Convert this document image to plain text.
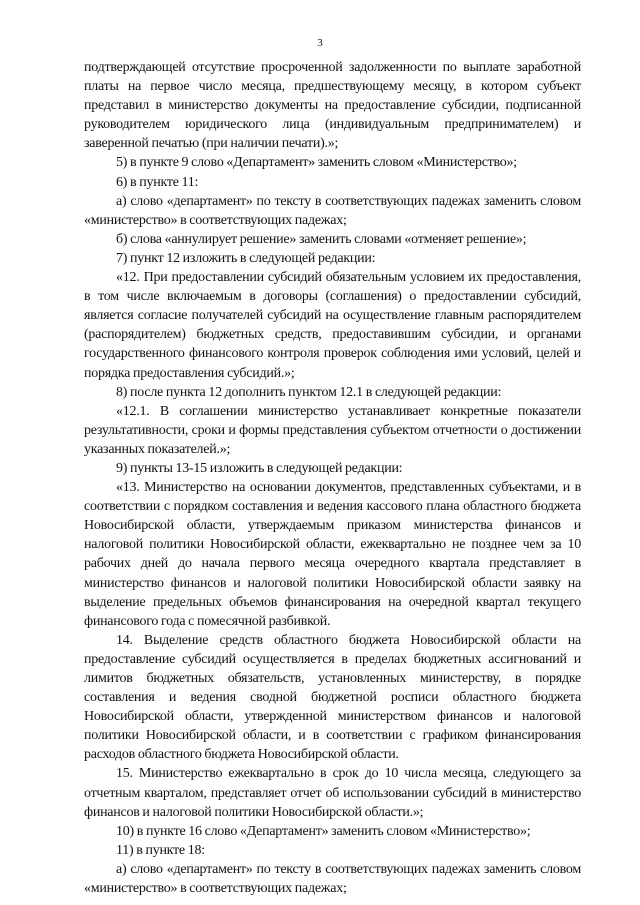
3

подтверждающей отсутствие просроченной задолженности по выплате заработной платы на первое число месяца, предшествующему месяцу, в котором субъект представил в министерство документы на предоставление субсидии, подписанной руководителем юридического лица (индивидуальным предпринимателем) и заверенной печатью (при наличии печати).»;

5) в пункте 9 слово «Департамент» заменить словом «Министерство»;

6) в пункте 11:

а) слово «департамент» по тексту в соответствующих падежах заменить словом «министерство» в соответствующих падежах;

б) слова «аннулирует решение» заменить словами «отменяет решение»;

7) пункт 12 изложить в следующей редакции:

«12. При предоставлении субсидий обязательным условием их предоставления, в том числе включаемым в договоры (соглашения) о предоставлении субсидий, является согласие получателей субсидий на осуществление главным распорядителем (распорядителем) бюджетных средств, предоставившим субсидии, и органами государственного финансового контроля проверок соблюдения ими условий, целей и порядка предоставления субсидий.»;

8) после пункта 12 дополнить пунктом 12.1 в следующей редакции:

«12.1. В соглашении министерство устанавливает конкретные показатели результативности, сроки и формы представления субъектом отчетности о достижении указанных показателей.»;

9) пункты 13-15 изложить в следующей редакции:

«13. Министерство на основании документов, представленных субъектами, и в соответствии с порядком составления и ведения кассового плана областного бюджета Новосибирской области, утверждаемым приказом министерства финансов и налоговой политики Новосибирской области, ежеквартально не позднее чем за 10 рабочих дней до начала первого месяца очередного квартала представляет в министерство финансов и налоговой политики Новосибирской области заявку на выделение предельных объемов финансирования на очередной квартал текущего финансового года с помесячной разбивкой.

14. Выделение средств областного бюджета Новосибирской области на предоставление субсидий осуществляется в пределах бюджетных ассигнований и лимитов бюджетных обязательств, установленных министерству, в порядке составления и ведения сводной бюджетной росписи областного бюджета Новосибирской области, утвержденной министерством финансов и налоговой политики Новосибирской области, и в соответствии с графиком финансирования расходов областного бюджета Новосибирской области.

15. Министерство ежеквартально в срок до 10 числа месяца, следующего за отчетным кварталом, представляет отчет об использовании субсидий в министерство финансов и налоговой политики Новосибирской области.»;

10) в пункте 16 слово «Департамент» заменить словом «Министерство»;

11) в пункте 18:

а) слово «департамент» по тексту в соответствующих падежах заменить словом «министерство» в соответствующих падежах;
